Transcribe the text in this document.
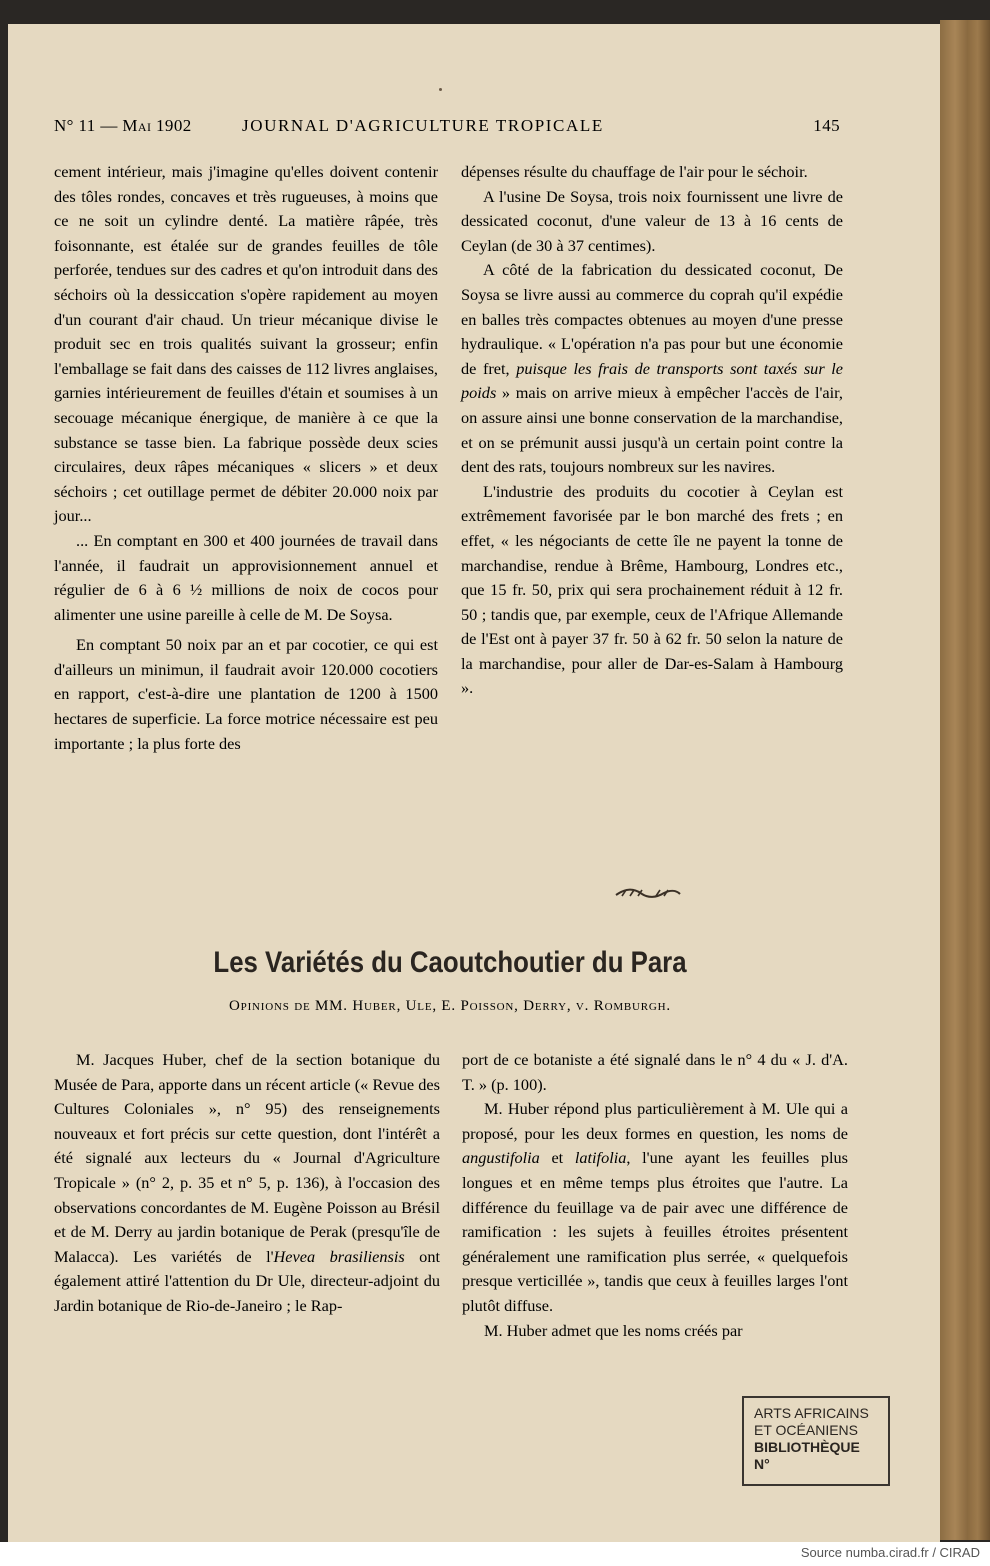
N° 11 — Mai 1902	JOURNAL D'AGRICULTURE TROPICALE	145

cement intérieur, mais j'imagine qu'elles doivent contenir des tôles rondes, concaves et très rugueuses, à moins que ce ne soit un cylindre denté. La matière râpée, très foisonnante, est étalée sur de grandes feuilles de tôle perforée, tendues sur des cadres et qu'on introduit dans des séchoirs où la dessiccation s'opère rapidement au moyen d'un courant d'air chaud. Un trieur mécanique divise le produit sec en trois qualités suivant la grosseur; enfin l'emballage se fait dans des caisses de 112 livres anglaises, garnies intérieurement de feuilles d'étain et soumises à un secouage mécanique énergique, de manière à ce que la substance se tasse bien. La fabrique possède deux scies circulaires, deux râpes mécaniques « slicers » et deux séchoirs ; cet outillage permet de débiter 20.000 noix par jour...

... En comptant en 300 et 400 journées de travail dans l'année, il faudrait un approvisionnement annuel et régulier de 6 à 6 ½ millions de noix de cocos pour alimenter une usine pareille à celle de M. De Soysa.

En comptant 50 noix par an et par cocotier, ce qui est d'ailleurs un minimun, il faudrait avoir 120.000 cocotiers en rapport, c'est-à-dire une plantation de 1200 à 1500 hectares de superficie. La force motrice nécessaire est peu importante ; la plus forte des

dépenses résulte du chauffage de l'air pour le séchoir.

A l'usine De Soysa, trois noix fournissent une livre de dessicated coconut, d'une valeur de 13 à 16 cents de Ceylan (de 30 à 37 centimes).

A côté de la fabrication du dessicated coconut, De Soysa se livre aussi au commerce du coprah qu'il expédie en balles très compactes obtenues au moyen d'une presse hydraulique. « L'opération n'a pas pour but une économie de fret, puisque les frais de transports sont taxés sur le poids » mais on arrive mieux à empêcher l'accès de l'air, on assure ainsi une bonne conservation de la marchandise, et on se prémunit aussi jusqu'à un certain point contre la dent des rats, toujours nombreux sur les navires.

L'industrie des produits du cocotier à Ceylan est extrêmement favorisée par le bon marché des frets ; en effet, « les négociants de cette île ne payent la tonne de marchandise, rendue à Brême, Hambourg, Londres etc., que 15 fr. 50, prix qui sera prochainement réduit à 12 fr. 50 ; tandis que, par exemple, ceux de l'Afrique Allemande de l'Est ont à payer 37 fr. 50 à 62 fr. 50 selon la nature de la marchandise, pour aller de Dar-es-Salam à Hambourg ».

Les Variétés du Caoutchoutier du Para
Opinions de MM. Huber, Ule, E. Poisson, Derry, v. Romburgh.

M. Jacques Huber, chef de la section botanique du Musée de Para, apporte dans un récent article (« Revue des Cultures Coloniales », n° 95) des renseignements nouveaux et fort précis sur cette question, dont l'intérêt a été signalé aux lecteurs du « Journal d'Agriculture Tropicale » (n° 2, p. 35 et n° 5, p. 136), à l'occasion des observations concordantes de M. Eugène Poisson au Brésil et de M. Derry au jardin botanique de Perak (presqu'île de Malacca). Les variétés de l'Hevea brasiliensis ont également attiré l'attention du Dr Ule, directeur-adjoint du Jardin botanique de Rio-de-Janeiro ; le Rap-

port de ce botaniste a été signalé dans le n° 4 du « J. d'A. T. » (p. 100).

M. Huber répond plus particulièrement à M. Ule qui a proposé, pour les deux formes en question, les noms de angustifolia et latifolia, l'une ayant les feuilles plus longues et en même temps plus étroites que l'autre. La différence du feuillage va de pair avec une différence de ramification : les sujets à feuilles étroites présentent généralement une ramification plus serrée, « quelquefois presque verticillée », tandis que ceux à feuilles larges l'ont plutôt diffuse.

M. Huber admet que les noms créés par

ARTS AFRICAINS
ET OCÉANIENS
BIBLIOTHÈQUE
N°
Source numba.cirad.fr / CIRAD
